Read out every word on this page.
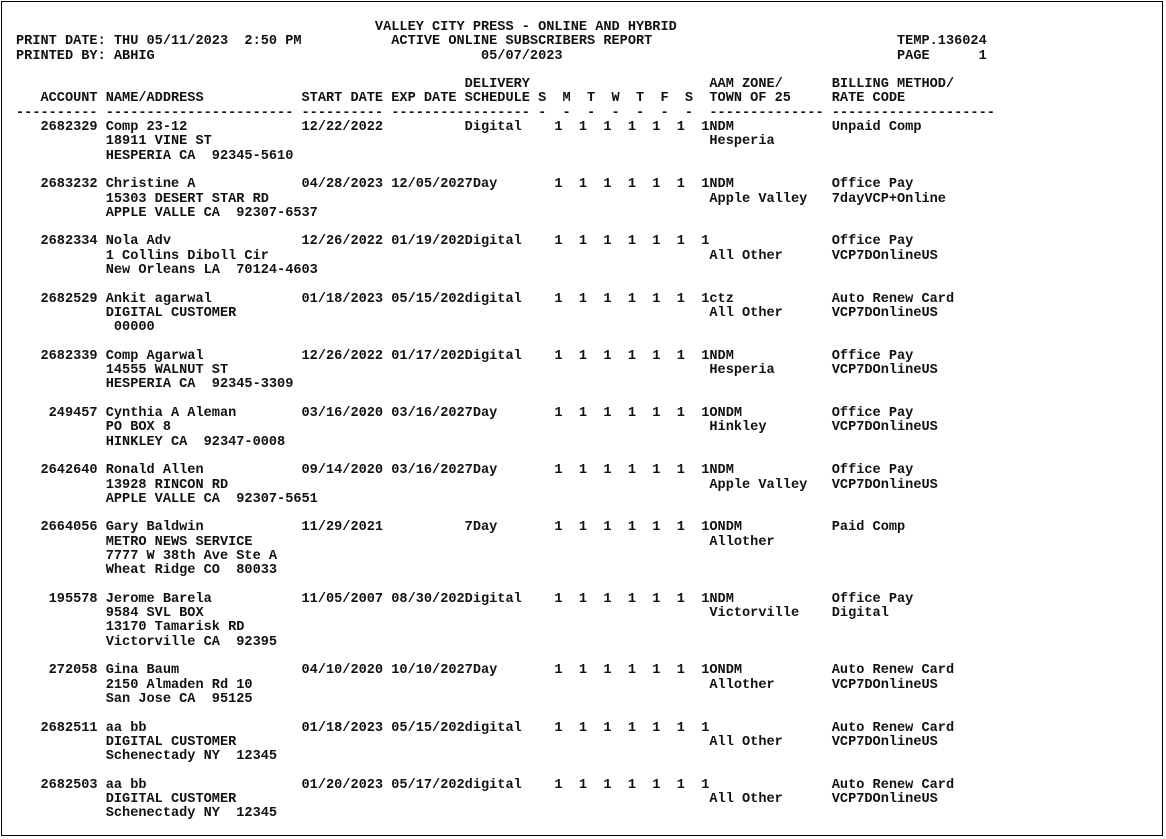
VALLEY CITY PRESS - ONLINE AND HYBRID
PRINT DATE: THU 05/11/2023  2:50 PM           ACTIVE ONLINE SUBSCRIBERS REPORT                              TEMP.136024
PRINTED BY: ABHIG                                        05/07/2023                                         PAGE      1
DELIVERY                      AAM ZONE/      BILLING METHOD/
ACCOUNT NAME/ADDRESS            START DATE EXP DATE SCHEDULE S  M  T  W  T  F  S  TOWN OF 25     RATE CODE
---------- ----------------------- ---------- ----------------- -  -  -  -  -  -  -  -------------- --------------------
2682329 Comp 23-12              12/22/2022          Digital    1  1  1  1  1  1  1NDM            Unpaid Comp
18911 VINE ST                                                             Hesperia
HESPERIA CA  92345-5610
2683232 Christine A             04/28/2023 12/05/2027Day       1  1  1  1  1  1  1NDM            Office Pay
15303 DESERT STAR RD                                                      Apple Valley   7dayVCP+Online
APPLE VALLE CA  92307-6537
2682334 Nola Adv                12/26/2022 01/19/202Digital    1  1  1  1  1  1  1               Office Pay
1 Collins Diboll Cir                                                      All Other      VCP7DOnlineUS
New Orleans LA  70124-4603
2682529 Ankit agarwal           01/18/2023 05/15/202digital    1  1  1  1  1  1  1ctz            Auto Renew Card
DIGITAL CUSTOMER                                                          All Other      VCP7DOnlineUS
00000
2682339 Comp Agarwal            12/26/2022 01/17/202Digital    1  1  1  1  1  1  1NDM            Office Pay
14555 WALNUT ST                                                           Hesperia       VCP7DOnlineUS
HESPERIA CA  92345-3309
249457 Cynthia A Aleman        03/16/2020 03/16/2027Day       1  1  1  1  1  1  1ONDM           Office Pay
PO BOX 8                                                                  Hinkley        VCP7DOnlineUS
HINKLEY CA  92347-0008
2642640 Ronald Allen            09/14/2020 03/16/2027Day       1  1  1  1  1  1  1NDM            Office Pay
13928 RINCON RD                                                           Apple Valley   VCP7DOnlineUS
APPLE VALLE CA  92307-5651
2664056 Gary Baldwin            11/29/2021          7Day       1  1  1  1  1  1  1ONDM           Paid Comp
METRO NEWS SERVICE                                                        Allother
7777 W 38th Ave Ste A
Wheat Ridge CO  80033
195578 Jerome Barela           11/05/2007 08/30/202Digital    1  1  1  1  1  1  1NDM            Office Pay
9584 SVL BOX                                                              Victorville    Digital
13170 Tamarisk RD
Victorville CA  92395
272058 Gina Baum               04/10/2020 10/10/2027Day       1  1  1  1  1  1  1ONDM           Auto Renew Card
2150 Almaden Rd 10                                                        Allother       VCP7DOnlineUS
San Jose CA  95125
2682511 aa bb                   01/18/2023 05/15/202digital    1  1  1  1  1  1  1               Auto Renew Card
DIGITAL CUSTOMER                                                          All Other      VCP7DOnlineUS
Schenectady NY  12345
2682503 aa bb                   01/20/2023 05/17/202digital    1  1  1  1  1  1  1               Auto Renew Card
DIGITAL CUSTOMER                                                          All Other      VCP7DOnlineUS
Schenectady NY  12345
